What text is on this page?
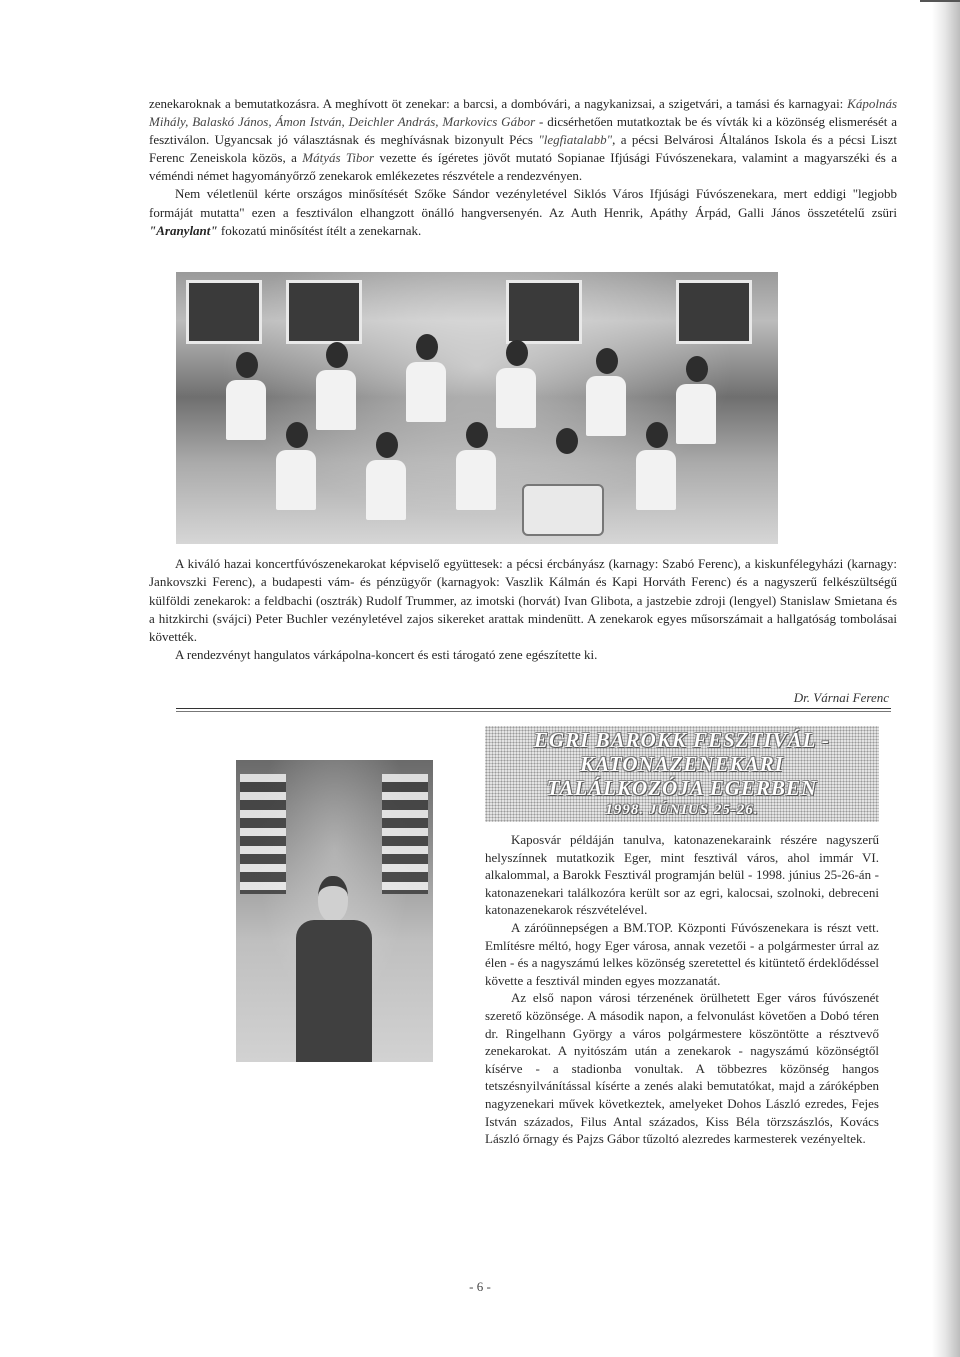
zenekaroknak a bemutatkozásra. A meghívott öt zenekar: a barcsi, a dombóvári, a nagykanizsai, a szigetvári, a tamási és karnagyai: Kápolnás Mihály, Balaskó János, Ámon István, Deichler András, Markovics Gábor - dicsérhetően mutatkoztak be és vívták ki a közönség elismerését a fesztiválon. Ugyancsak jó választásnak és meghívásnak bizonyult Pécs "legfiatalabb", a pécsi Belvárosi Általános Iskola és a pécsi Liszt Ferenc Zeneiskola közös, a Mátyás Tibor vezette és ígéretes jövőt mutató Sopianae Ifjúsági Fúvószenekara, valamint a magyarszéki és a véméndi német hagyományőrző zenekarok emlékezetes részvétele a rendezvényen.

Nem véletlenül kérte országos minősítését Szőke Sándor vezényletével Siklós Város Ifjúsági Fúvószenekara, mert eddigi "legjobb formáját mutatta" ezen a fesztiválon elhangzott önálló hangversenyén. Az Auth Henrik, Apáthy Árpád, Galli János összetételű zsüri "Aranylant" fokozatú minősítést ítélt a zenekarnak.

A kiváló hazai koncertfúvószenekarokat képviselő együttesek: a pécsi ércbányász (karnagy: Szabó Ferenc), a kiskunfélegyházi (karnagy: Jankovszki Ferenc), a budapesti vám- és pénzügyőr (karnagyok: Vaszlik Kálmán és Kapi Horváth Ferenc) és a nagyszerű felkészültségű külföldi zenekarok: a feldbachi (osztrák) Rudolf Trummer, az imotski (horvát) Ivan Glibota, a jastzebie zdroji (lengyel) Stanislaw Smietana és a hitzkirchi (svájci) Peter Buchler vezényletével zajos sikereket arattak mindenütt. A zenekarok egyes műsorszámait a hallgatóság tombolásai követték.

A rendezvényt hangulatos várkápolna-koncert és esti tárogató zene egészítette ki.

Dr. Várnai Ferenc
EGRI BAROKK FESZTIVÁL -
KATONAZENEKARI
TALÁLKOZÓJA EGERBEN
1998. JÚNIUS 25-26.

Kaposvár példáján tanulva, katonazenekaraink részére nagyszerű helyszínnek mutatkozik Eger, mint fesztivál város, ahol immár VI. alkalommal, a Barokk Fesztivál programján belül - 1998. június 25-26-án - katonazenekari találkozóra került sor az egri, kalocsai, szolnoki, debreceni katonazenekarok részvételével.

A záróünnepségen a BM.TOP. Központi Fúvószenekara is részt vett. Említésre méltó, hogy Eger városa, annak vezetői - a polgármester úrral az élen - és a nagyszámú lelkes közönség szeretettel és kitüntető érdeklődéssel követte a fesztivál minden egyes mozzanatát.

Az első napon városi térzenének örülhetett Eger város fúvószenét szerető közönsége. A második napon, a felvonulást követően a Dobó téren dr. Ringelhann György a város polgármestere köszöntötte a résztvevő zenekarokat. A nyitószám után a zenekarok - nagyszámú közönségtől kísérve - a stadionba vonultak. A többezres közönség hangos tetszésnyilvánítással kísérte a zenés alaki bemutatókat, majd a záróképben nagyzenekari művek következtek, amelyeket Dohos László ezredes, Fejes István százados, Filus Antal százados, Kiss Béla törzszászlós, Kovács László őrnagy és Pajzs Gábor tűzoltó alezredes karmesterek vezényeltek.

- 6 -
